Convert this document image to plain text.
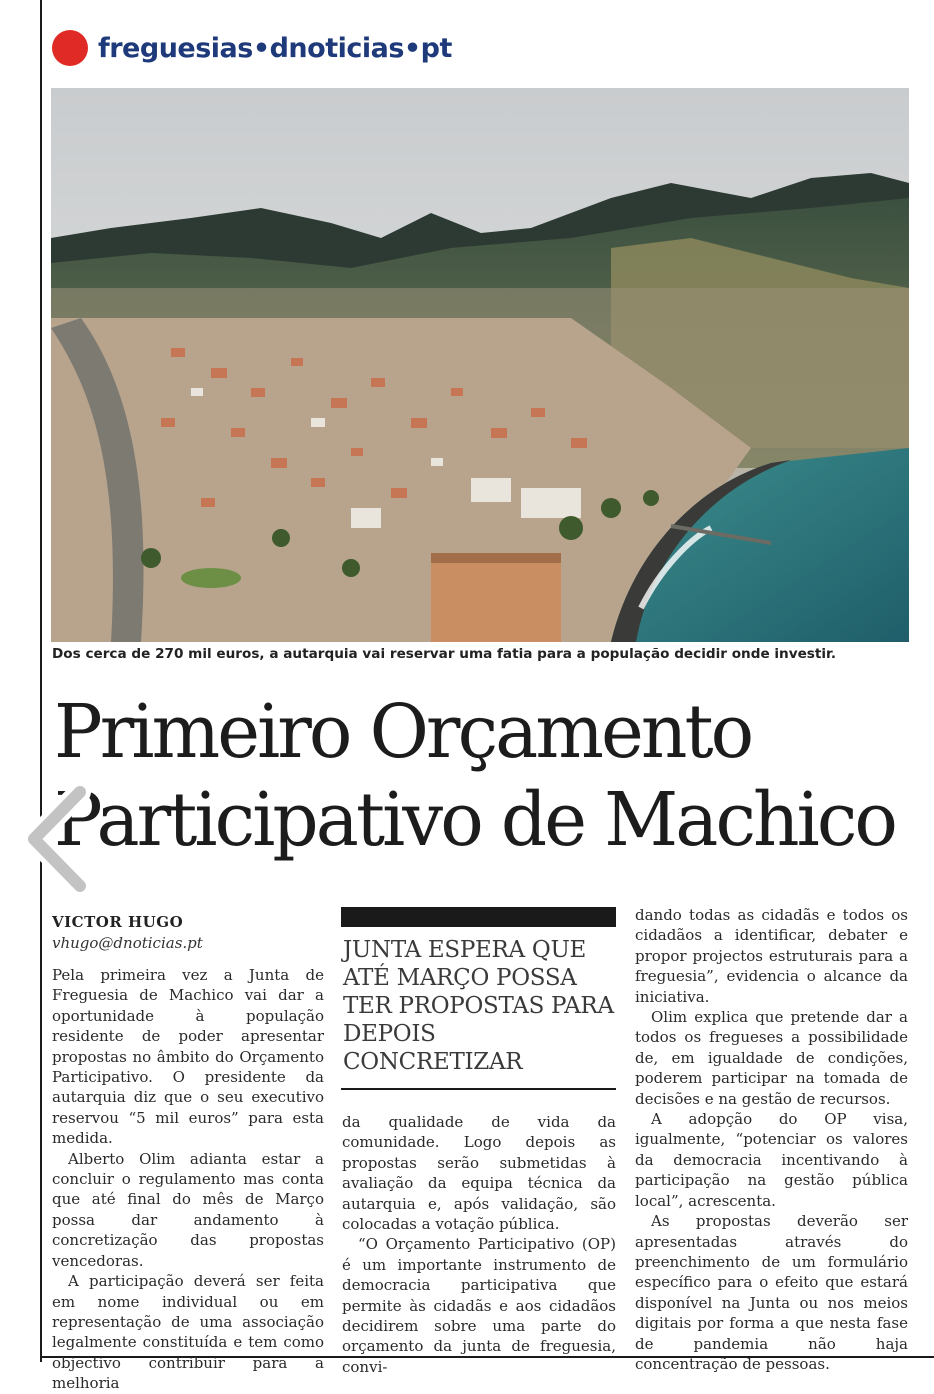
freguesias•dnoticias•pt
Dos cerca de 270 mil euros, a autarquia vai reservar uma fatia para a população decidir onde investir.
Primeiro Orçamento
Participativo de Machico
VICTOR HUGO
vhugo@dnoticias.pt

Pela primeira vez a Junta de Freguesia de Machico vai dar a oportunidade à população residente de poder apresentar propostas no âmbito do Orçamento Participativo. O presidente da autarquia diz que o seu executivo reservou “5 mil euros” para esta medida.

Alberto Olim adianta estar a concluir o regulamento mas conta que até final do mês de Março possa dar andamento à concretização das propostas vencedoras.

A participação deverá ser feita em nome individual ou em representação de uma associação legalmente constituída e tem como objectivo contribuir para a melhoria

JUNTA ESPERA QUE ATÉ MARÇO POSSA TER PROPOSTAS PARA DEPOIS CONCRETIZAR

da qualidade de vida da comunidade. Logo depois as propostas serão submetidas à avaliação da equipa técnica da autarquia e, após validação, são colocadas a votação pública.

“O Orçamento Participativo (OP) é um importante instrumento de democracia participativa que permite às cidadãs e aos cidadãos decidirem sobre uma parte do orçamento da junta de freguesia, convi-

dando todas as cidadãs e todos os cidadãos a identificar, debater e propor projectos estruturais para a freguesia”, evidencia o alcance da iniciativa.

Olim explica que pretende dar a todos os fregueses a possibilidade de, em igualdade de condições, poderem participar na tomada de decisões e na gestão de recursos.

A adopção do OP visa, igualmente, “potenciar os valores da democracia incentivando à participação na gestão pública local”, acrescenta.

As propostas deverão ser apresentadas através do preenchimento de um formulário específico para o efeito que estará disponível na Junta ou nos meios digitais por forma a que nesta fase de pandemia não haja concentração de pessoas.
